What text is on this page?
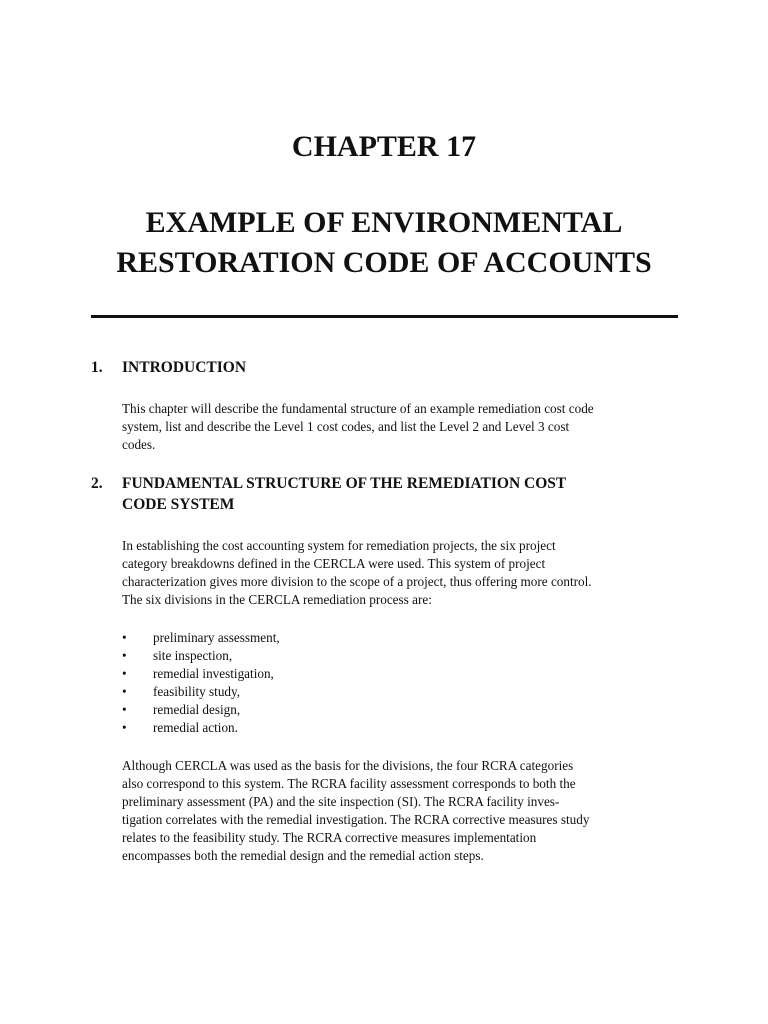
CHAPTER 17
EXAMPLE OF ENVIRONMENTAL
RESTORATION CODE OF ACCOUNTS
1. INTRODUCTION

This chapter will describe the fundamental structure of an example remediation cost code
system, list and describe the Level 1 cost codes, and list the Level 2 and Level 3 cost
codes.

2. FUNDAMENTAL STRUCTURE OF THE REMEDIATION COST
CODE SYSTEM

In establishing the cost accounting system for remediation projects, the six project
category breakdowns defined in the CERCLA were used. This system of project
characterization gives more division to the scope of a project, thus offering more control.
The six divisions in the CERCLA remediation process are:

• preliminary assessment,
• site inspection,
• remedial investigation,
• feasibility study,
• remedial design,
• remedial action.

Although CERCLA was used as the basis for the divisions, the four RCRA categories
also correspond to this system. The RCRA facility assessment corresponds to both the
preliminary assessment (PA) and the site inspection (SI). The RCRA facility inves-
tigation correlates with the remedial investigation. The RCRA corrective measures study
relates to the feasibility study. The RCRA corrective measures implementation
encompasses both the remedial design and the remedial action steps.
